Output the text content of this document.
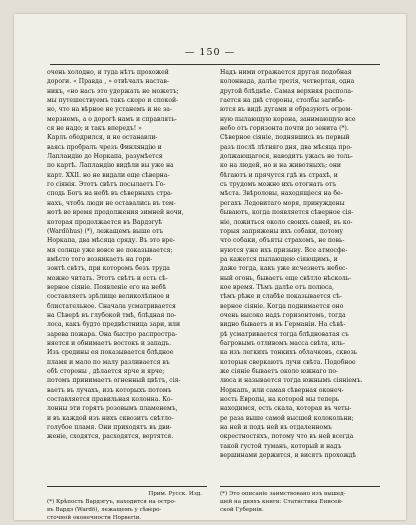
— 150 —
очень холодно, и тудa нѣтъ прохожей
дороги. « Правда , » отвѣчалъ настав-
никъ, «но насъ это удержать не можетъ;
мы путешествуемъ такъ скоро и спокой-
но, что на вѣрное не устанемъ и не за-
мерзнемъ, а о дорогѣ намъ и справлять-
ся не надо; и такъ впередъ! »
Карлъ ободрился, и не останавли-
ваясь пробралъ чрезъ Финляндію и
Лапландію до Норкапа, разумѣется
по картѣ. Лапландію видѣли вы уже на
карт. XXII. но не видали еще сѣверна-
го сіянія. Этотъ свѣтъ посылаетъ Го-
сподь Богъ на небѣ въ сѣверныхъ стра-
нахъ, чтобъ люди не оставались въ тем-
нотѣ во время продолжения зимней ночи,
которая продолжается въ Вардэгуѣ
(Wardöhus) (*), лежащемъ выше отъ
Норкапа, два мѣсяца сряду. Въ это вре-
мя солнце уже вовсе не показывается;
вмѣсто того возникаетъ на гори-
зонтѣ свѣтъ, при которомъ безъ труда
можно читать. Этотъ свѣтъ и есть сѣ-
верное сіяніе. Появленіе его на небѣ
составляетъ зрѣлище великолѣпное и
блистательное. Сначала усматривается
на Сѣверѣ въ глубокой тмѣ, блѣдная по-
лоса, какъ будто предвѣстница зари, или
зарева пожара. Она быстро распростра-
няется и обнимаетъ востокъ и западъ.
Изъ средины ея показывается блѣдное
пламя и мало по малу разливается въ
обѣ стороны , дѣлается ярче и ярче;
потомъ принимаетъ огненный цвѣтъ, сія-
ваетъ въ лучахъ, изъ которыхъ потомъ
составляется правильная колонна. Ко-
лонны эти горятъ розовымъ пламенемъ,
и въ каждой изъ нихъ сквозитъ свѣтло-
голубое пламя. Они приходятъ въ дви-
женіе, сходятся, расходятся, вертятся.
Надъ ними отражается другая подобная
колоннада, далѣе третія, четвертая, одна
другой блѣднѣе. Самая верхняя распола-
гается на двѣ стороны, столбы загиба-
ются въ видѣ дугами и образуютъ огром-
ную пылающую корона, занимающую все
небо отъ горизонта почти до зенита (*).
Сѣверное сіяніе, поднявшись въ первый
разъ послѣ лѣтняго дня, два мѣсяца про-
должающагося, наводитъ ужасъ не толь-
ко на людей, но и на животныхъ; они
бѣгаютъ и прячутся гдѣ въ страхѣ, и
съ трудомъ можно ихъ отогнать отъ
мѣста. Звѣроловы, находящіеся на бе-
регахъ Ледовитаго моря, принуждены
бываютъ, когда появляется сѣверное сія-
ніе, ложиться около своихъ саней, въ ко-
торыя запряжены ихъ собаки, потому
что собаки, объяты страхомъ, не повь-
нуются уже ихъ призыву. Все атмосфе-
ра кажется пылающею сіяющимъ, и
даже тогда, какъ уже исчезнетъ небес-
ный огонь, бываетъ еще свѣтло нѣсколь-
кое время. Тѣмъ далѣе отъ полюса,
тѣмъ рѣже и слабѣе показывается сѣ-
верное сіяніе. Когда поднимается оно
очень высоко надъ горизонтомъ, тогда
видно бываетъ и въ Германіи. На сѣвѣ-
рѣ усматривается тогда блѣдноватая съ
багровымъ отливомъ масса свѣта, иль-
ка изъ легкихъ тонкихъ облачковъ, сквозь
которыя сверкаютъ лучи свѣта. Подобное
же сіяніе бываетъ около южнаго по-
люса и называется тогда южнымъ сіяніемъ.
Норкапъ, или самая сѣверная оконеч-
ность Европы, на которой мы теперь
находимся, есть скала, которая въ четы-
ре раза выше самой высшей колокольни;
на ней и подъ ней въ отдаленномъ
окрестностяхъ, потому что въ ней всегда
такой густой туманъ, который и надъ
вершинами держится, и висятъ прохождѣ
Прим. Русск. Изд.
(*) Крѣпость Вардэгуъ, находится на остро-
въ Вардэ (Wardö), лежащемъ у сѣверо-
сточной оконечности Норвегіи.
(*) Это описаніе заимствовано изъ вышед-
шей на дняхъ книги: Статистика Енисей-
ской Губерніи.
